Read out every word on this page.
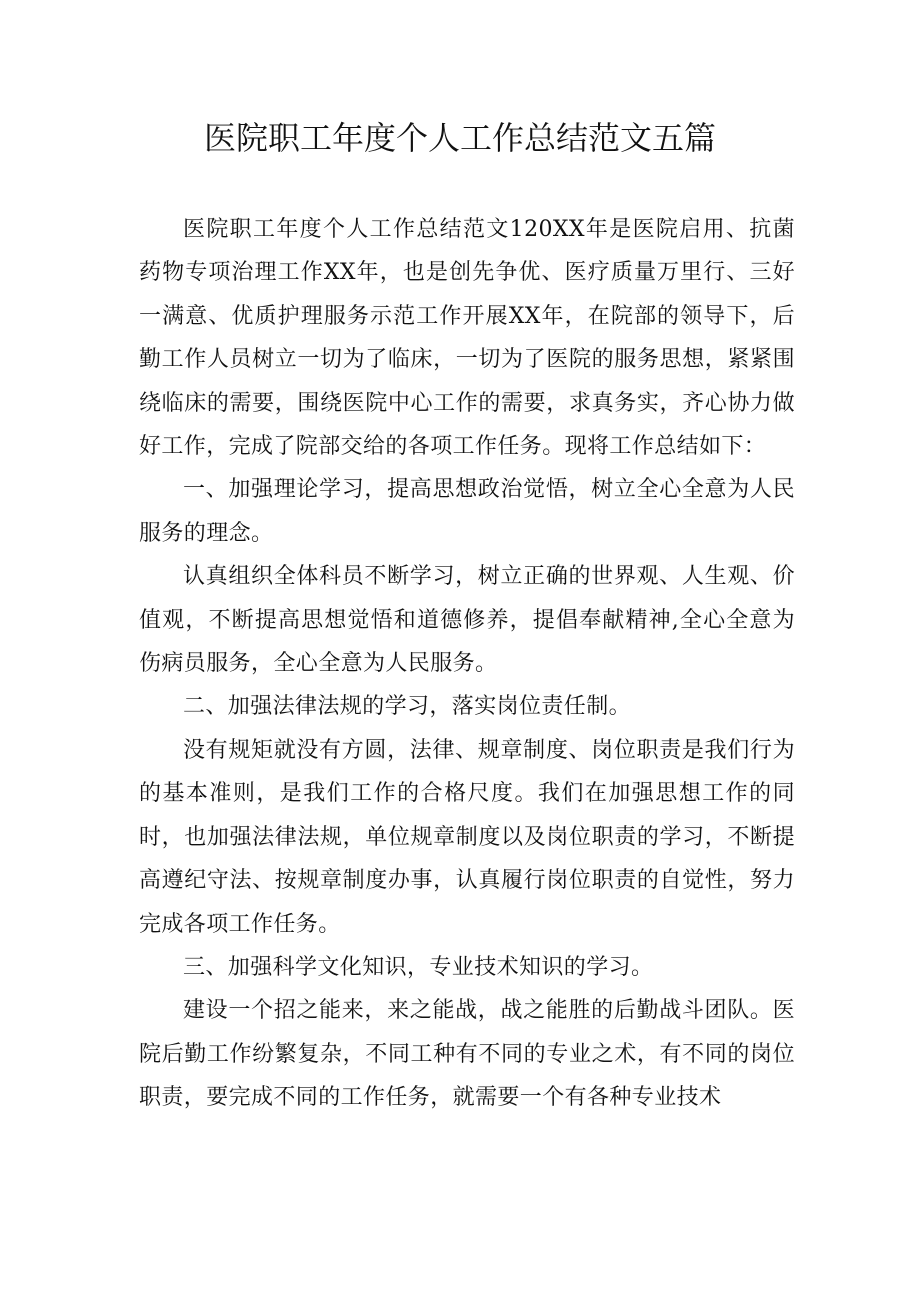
医院职工年度个人工作总结范文五篇

医院职工年度个人工作总结范文120XX年是医院启用、抗菌药物专项治理工作XX年，也是创先争优、医疗质量万里行、三好一满意、优质护理服务示范工作开展XX年，在院部的领导下，后勤工作人员树立一切为了临床，一切为了医院的服务思想，紧紧围绕临床的需要，围绕医院中心工作的需要，求真务实，齐心协力做好工作，完成了院部交给的各项工作任务。现将工作总结如下：

一、加强理论学习，提高思想政治觉悟，树立全心全意为人民服务的理念。

认真组织全体科员不断学习，树立正确的世界观、人生观、价值观，不断提高思想觉悟和道德修养，提倡奉献精神,全心全意为伤病员服务，全心全意为人民服务。

二、加强法律法规的学习，落实岗位责任制。

没有规矩就没有方圆，法律、规章制度、岗位职责是我们行为的基本准则，是我们工作的合格尺度。我们在加强思想工作的同时，也加强法律法规，单位规章制度以及岗位职责的学习，不断提高遵纪守法、按规章制度办事，认真履行岗位职责的自觉性，努力完成各项工作任务。

三、加强科学文化知识，专业技术知识的学习。

建设一个招之能来，来之能战，战之能胜的后勤战斗团队。医院后勤工作纷繁复杂，不同工种有不同的专业之术，有不同的岗位职责，要完成不同的工作任务，就需要一个有各种专业技术
